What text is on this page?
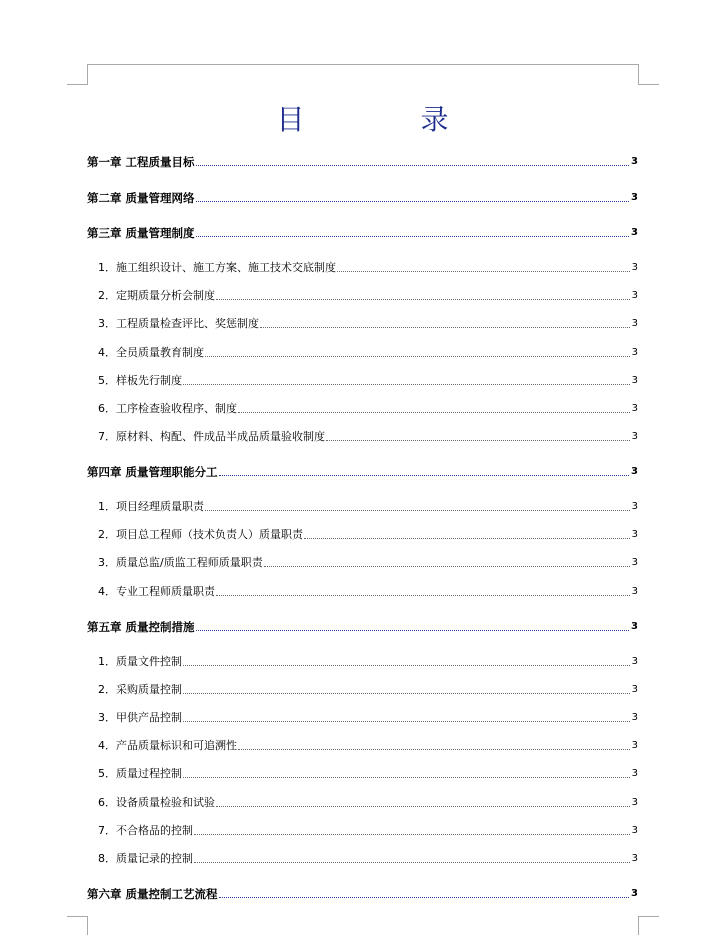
目　录
第一章 工程质量目标	3
第二章 质量管理网络	3
第三章 质量管理制度	3
1．施工组织设计、施工方案、施工技术交底制度	3
2．定期质量分析会制度	3
3．工程质量检查评比、奖惩制度	3
4．全员质量教育制度	3
5．样板先行制度	3
6．工序检查验收程序、制度	3
7．原材料、构配、件成品半成品质量验收制度	3
第四章 质量管理职能分工	3
1．项目经理质量职责	3
2．项目总工程师（技术负责人）质量职责	3
3．质量总监/质监工程师质量职责	3
4．专业工程师质量职责	3
第五章 质量控制措施	3
1．质量文件控制	3
2．采购质量控制	3
3．甲供产品控制	3
4．产品质量标识和可追溯性	3
5．质量过程控制	3
6．设备质量检验和试验	3
7．不合格品的控制	3
8．质量记录的控制	3
第六章 质量控制工艺流程	3
